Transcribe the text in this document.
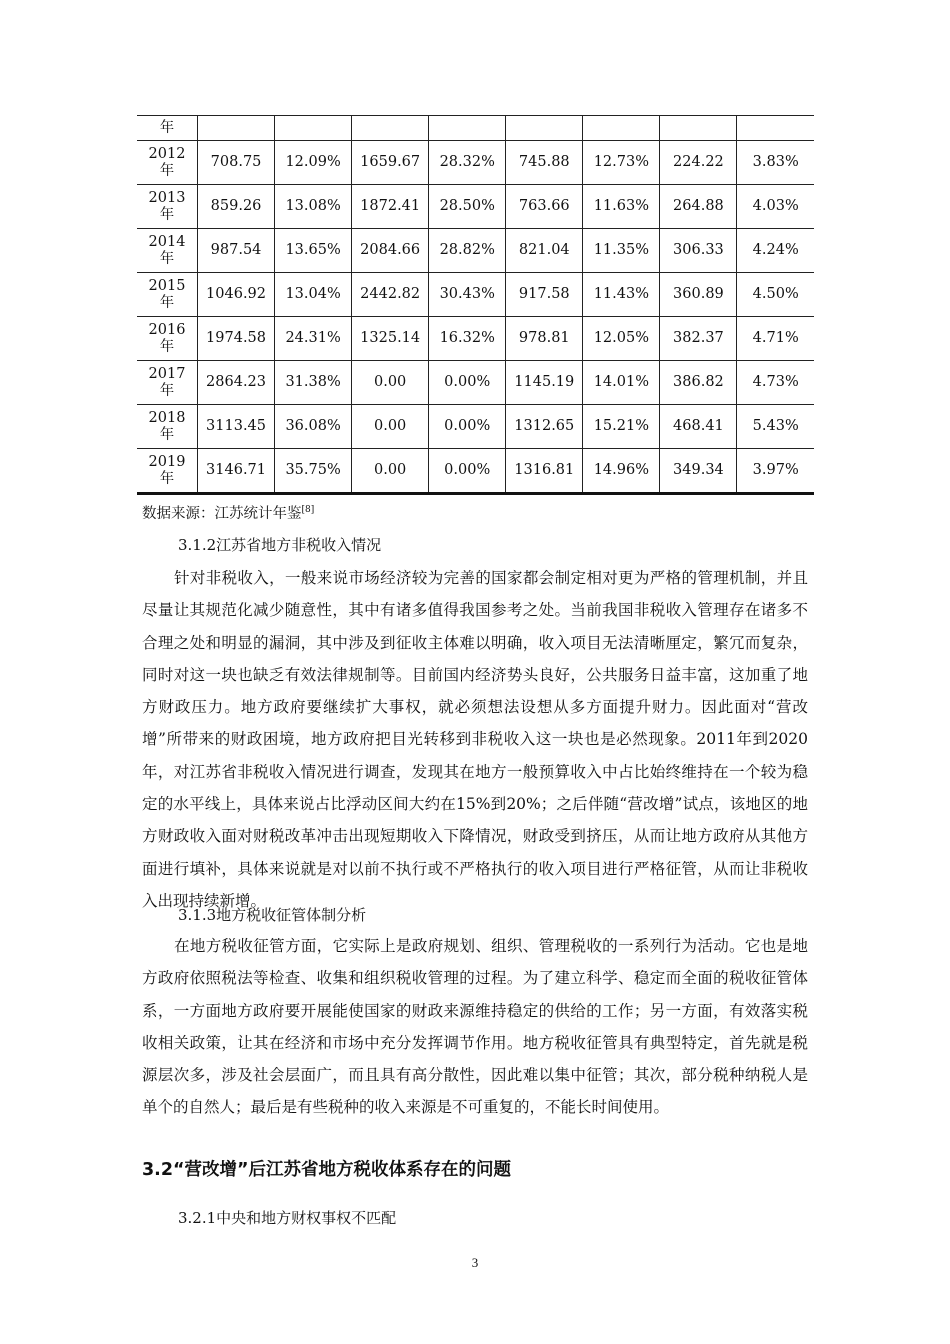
年								

2012
年	708.75	12.09%	1659.67	28.32%	745.88	12.73%	224.22	3.83%

2013
年	859.26	13.08%	1872.41	28.50%	763.66	11.63%	264.88	4.03%

2014
年	987.54	13.65%	2084.66	28.82%	821.04	11.35%	306.33	4.24%

2015
年	1046.92	13.04%	2442.82	30.43%	917.58	11.43%	360.89	4.50%

2016
年	1974.58	24.31%	1325.14	16.32%	978.81	12.05%	382.37	4.71%

2017
年	2864.23	31.38%	0.00	0.00%	1145.19	14.01%	386.82	4.73%

2018
年	3113.45	36.08%	0.00	0.00%	1312.65	15.21%	468.41	5.43%

2019
年	3146.71	35.75%	0.00	0.00%	1316.81	14.96%	349.34	3.97%
数据来源：江苏统计年鉴[8]
3.1.2江苏省地方非税收入情况

针对非税收入，一般来说市场经济较为完善的国家都会制定相对更为严格的管理机制，并且尽量让其规范化减少随意性，其中有诸多值得我国参考之处。当前我国非税收入管理存在诸多不合理之处和明显的漏洞，其中涉及到征收主体难以明确，收入项目无法清晰厘定，繁冗而复杂，同时对这一块也缺乏有效法律规制等。目前国内经济势头良好，公共服务日益丰富，这加重了地方财政压力。地方政府要继续扩大事权，就必须想法设想从多方面提升财力。因此面对“营改增”所带来的财政困境，地方政府把目光转移到非税收入这一块也是必然现象。2011年到2020年，对江苏省非税收入情况进行调查，发现其在地方一般预算收入中占比始终维持在一个较为稳定的水平线上，具体来说占比浮动区间大约在15%到20%；之后伴随“营改增”试点，该地区的地方财政收入面对财税改革冲击出现短期收入下降情况，财政受到挤压，从而让地方政府从其他方面进行填补，具体来说就是对以前不执行或不严格执行的收入项目进行严格征管，从而让非税收入出现持续新增。

3.1.3地方税收征管体制分析

在地方税收征管方面，它实际上是政府规划、组织、管理税收的一系列行为活动。它也是地方政府依照税法等检查、收集和组织税收管理的过程。为了建立科学、稳定而全面的税收征管体系，一方面地方政府要开展能使国家的财政来源维持稳定的供给的工作；另一方面，有效落实税收相关政策，让其在经济和市场中充分发挥调节作用。地方税收征管具有典型特定，首先就是税源层次多，涉及社会层面广，而且具有高分散性，因此难以集中征管；其次，部分税种纳税人是单个的自然人；最后是有些税种的收入来源是不可重复的，不能长时间使用。

3.2“营改增”后江苏省地方税收体系存在的问题
3.2.1中央和地方财权事权不匹配
3
